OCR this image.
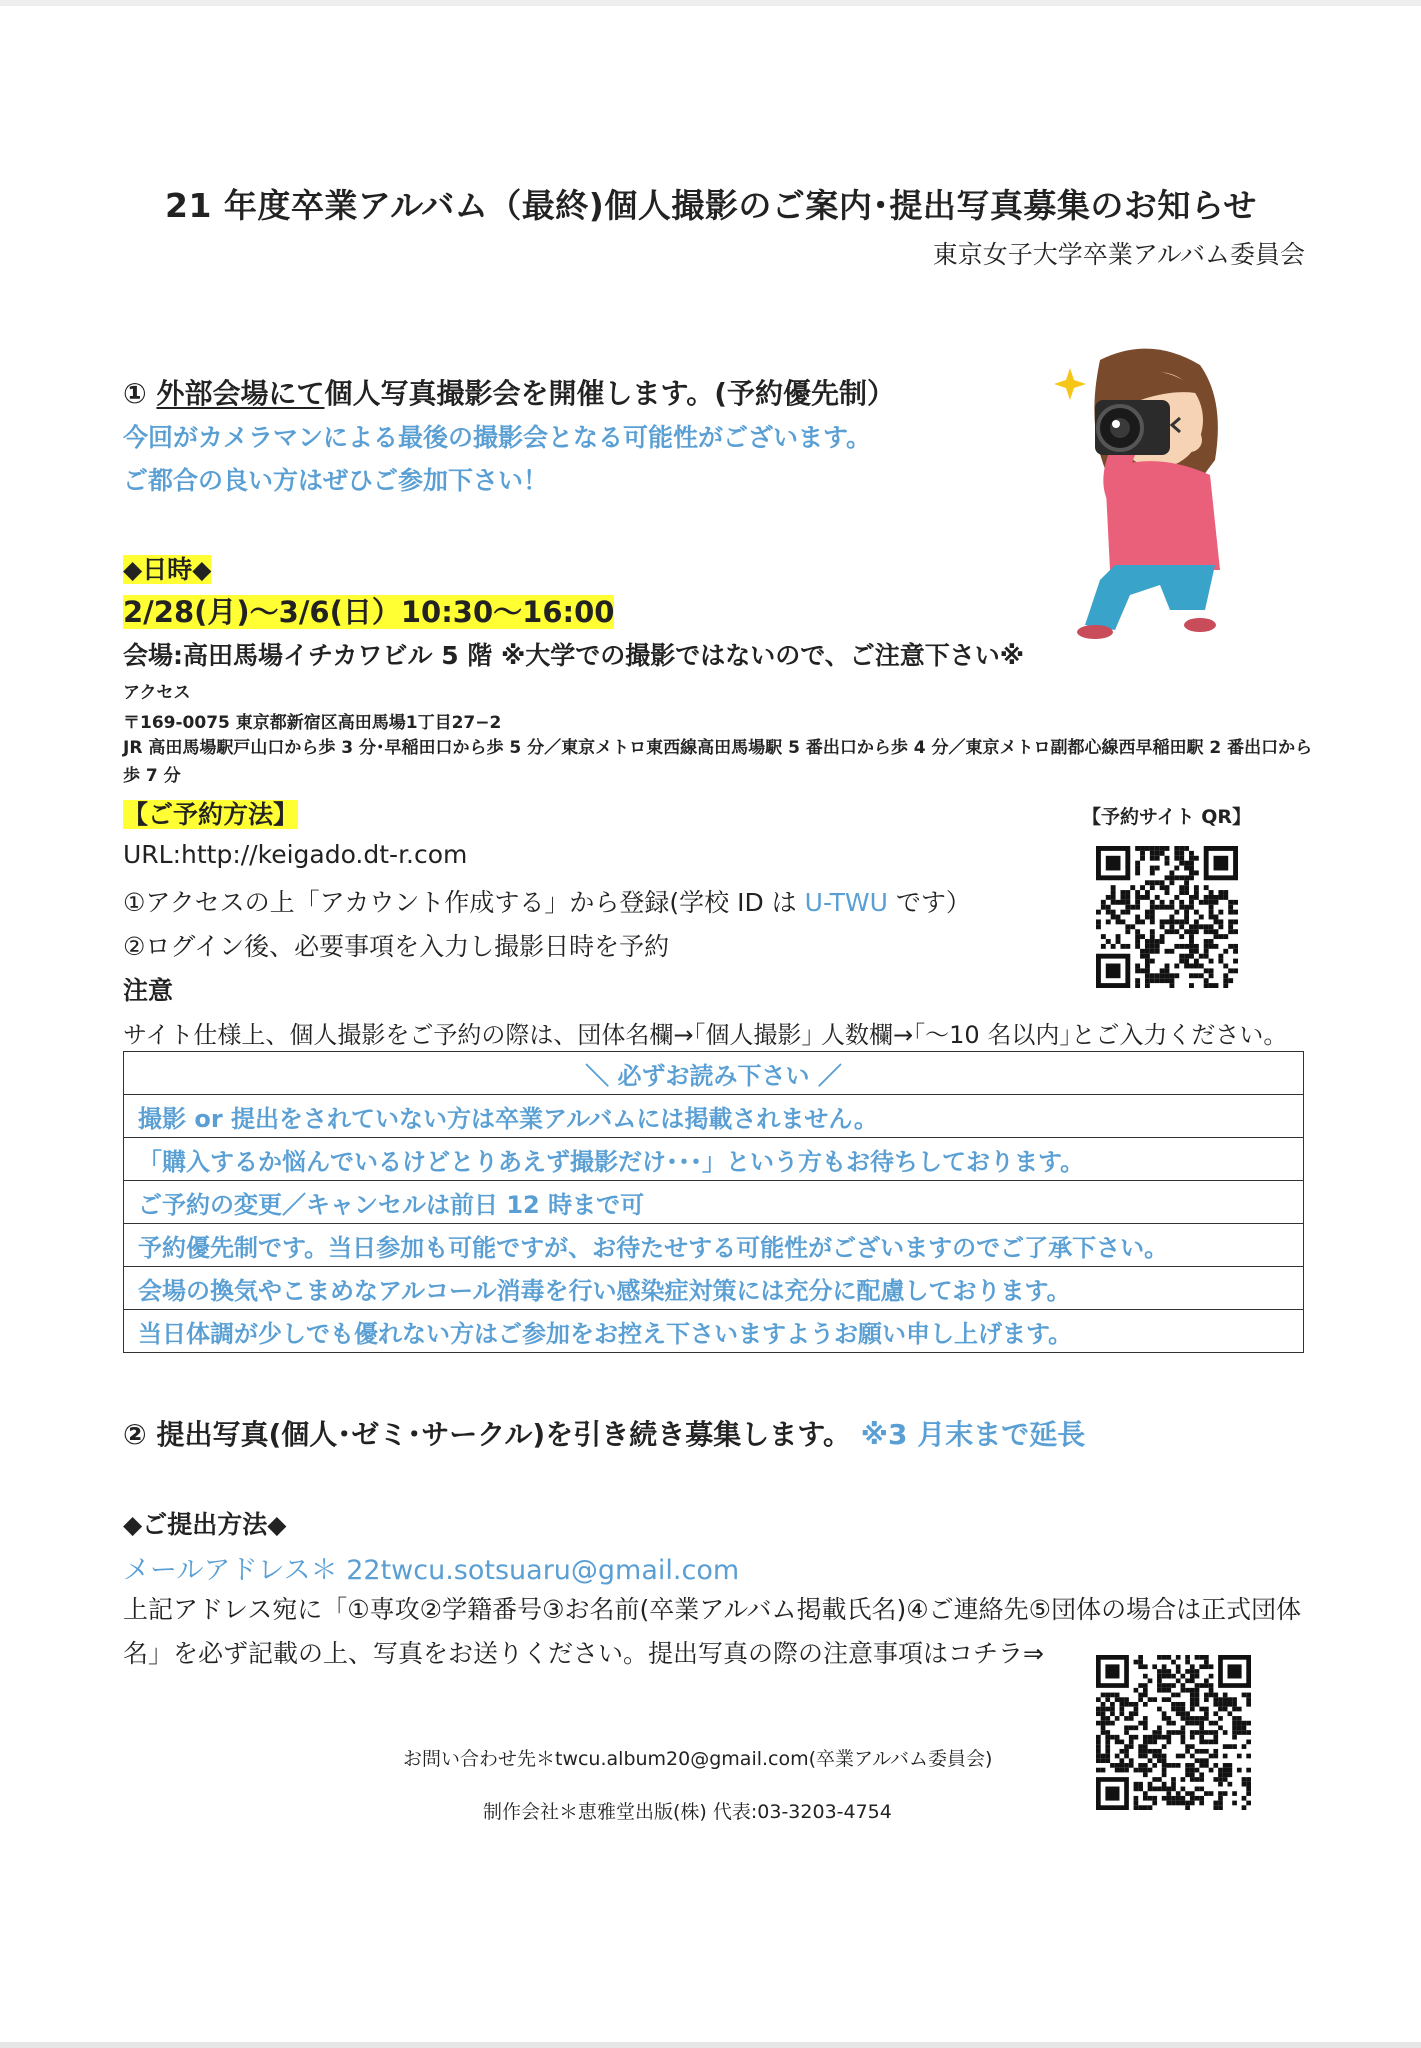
21 年度卒業アルバム（最終)個人撮影のご案内･提出写真募集のお知らせ
東京女子大学卒業アルバム委員会
① 外部会場にて個人写真撮影会を開催します。(予約優先制）
今回がカメラマンによる最後の撮影会となる可能性がございます。
ご都合の良い方はぜひご参加下さい！
◆日時◆
2/28(月)～3/6(日）10:30～16:00
会場:高田馬場イチカワビル 5 階 ※大学での撮影ではないので、ご注意下さい※
アクセス
〒169-0075 東京都新宿区高田馬場1丁目27−2
JR 高田馬場駅戸山口から歩 3 分･早稲田口から歩 5 分／東京メトロ東西線高田馬場駅 5 番出口から歩 4 分／東京メトロ副都心線西早稲田駅 2 番出口から歩 7 分
【ご予約方法】	【予約サイト QR】
URL:http://keigado.dt-r.com
①アクセスの上「アカウント作成する」から登録(学校 ID は U-TWU です）
②ログイン後、必要事項を入力し撮影日時を予約
注意
サイト仕様上、個人撮影をご予約の際は、団体名欄→｢個人撮影｣ 人数欄→｢～10 名以内｣とご入力ください。
＼ 必ずお読み下さい ／
撮影 or 提出をされていない方は卒業アルバムには掲載されません。
「購入するか悩んでいるけどとりあえず撮影だけ･･･」という方もお待ちしております。
ご予約の変更／キャンセルは前日 12 時まで可
予約優先制です。当日参加も可能ですが、お待たせする可能性がございますのでご了承下さい。
会場の換気やこまめなアルコール消毒を行い感染症対策には充分に配慮しております。
当日体調が少しでも優れない方はご参加をお控え下さいますようお願い申し上げます。
② 提出写真(個人･ゼミ･サークル)を引き続き募集します。 ※3 月末まで延長
◆ご提出方法◆
メールアドレス＊ 22twcu.sotsuaru@gmail.com
上記アドレス宛に「①専攻②学籍番号③お名前(卒業アルバム掲載氏名)④ご連絡先⑤団体の場合は正式団体名」を必ず記載の上、写真をお送りください。提出写真の際の注意事項はコチラ⇒
お問い合わせ先＊twcu.album20@gmail.com(卒業アルバム委員会)
制作会社＊恵雅堂出版(株) 代表:03-3203-4754
